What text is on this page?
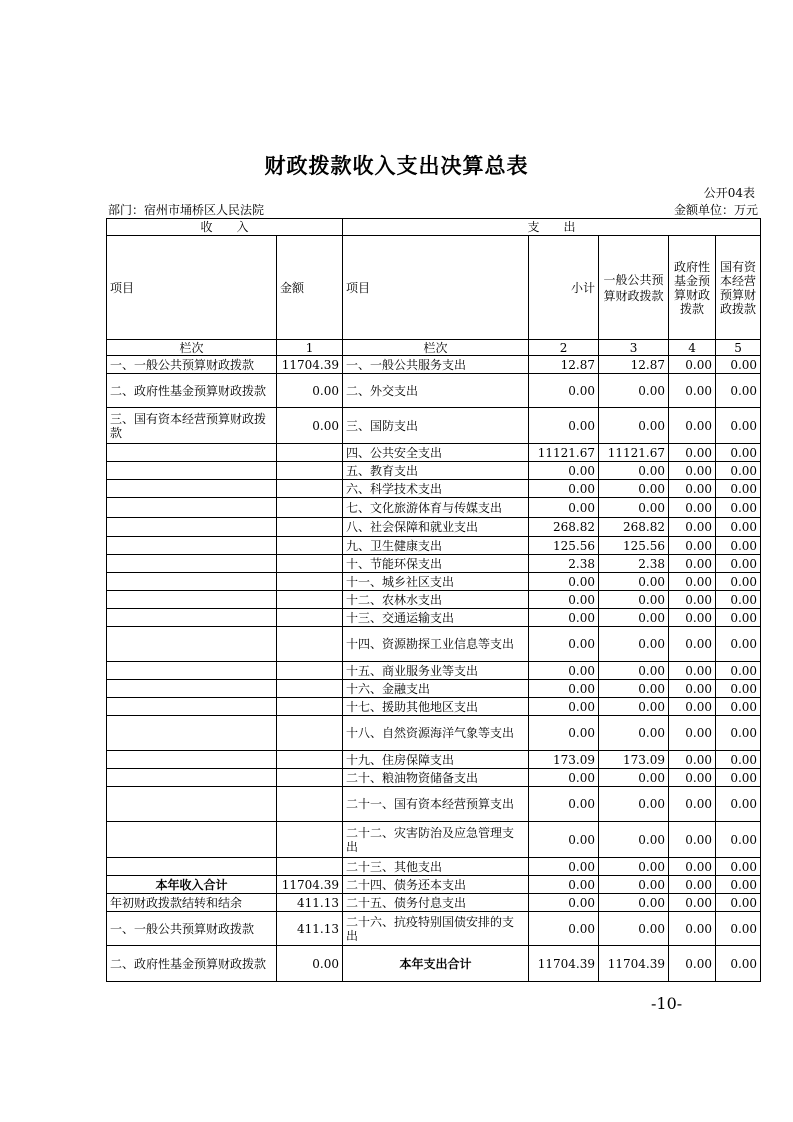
财政拨款收入支出决算总表
公开04表
部门：宿州市埇桥区人民法院	金额单位：万元
收　　入		支　　出				
项目	金额	项目	小计	一般公共预算财政拨款	政府性基金预算财政拨款	国有资本经营预算财政拨款
栏次	1	栏次	2	3	4	5
一、一般公共预算财政拨款	11704.39	一、一般公共服务支出	12.87	12.87	0.00	0.00
二、政府性基金预算财政拨款	0.00	二、外交支出	0.00	0.00	0.00	0.00
三、国有资本经营预算财政拨款	0.00	三、国防支出	0.00	0.00	0.00	0.00
		四、公共安全支出	11121.67	11121.67	0.00	0.00
		五、教育支出	0.00	0.00	0.00	0.00
		六、科学技术支出	0.00	0.00	0.00	0.00
		七、文化旅游体育与传媒支出	0.00	0.00	0.00	0.00
		八、社会保障和就业支出	268.82	268.82	0.00	0.00
		九、卫生健康支出	125.56	125.56	0.00	0.00
		十、节能环保支出	2.38	2.38	0.00	0.00
		十一、城乡社区支出	0.00	0.00	0.00	0.00
		十二、农林水支出	0.00	0.00	0.00	0.00
		十三、交通运输支出	0.00	0.00	0.00	0.00
		十四、资源勘探工业信息等支出	0.00	0.00	0.00	0.00
		十五、商业服务业等支出	0.00	0.00	0.00	0.00
		十六、金融支出	0.00	0.00	0.00	0.00
		十七、援助其他地区支出	0.00	0.00	0.00	0.00
		十八、自然资源海洋气象等支出	0.00	0.00	0.00	0.00
		十九、住房保障支出	173.09	173.09	0.00	0.00
		二十、粮油物资储备支出	0.00	0.00	0.00	0.00
		二十一、国有资本经营预算支出	0.00	0.00	0.00	0.00
		二十二、灾害防治及应急管理支出	0.00	0.00	0.00	0.00
		二十三、其他支出	0.00	0.00	0.00	0.00
本年收入合计	11704.39	二十四、债务还本支出	0.00	0.00	0.00	0.00
年初财政拨款结转和结余	411.13	二十五、债务付息支出	0.00	0.00	0.00	0.00
一、一般公共预算财政拨款	411.13	二十六、抗疫特别国债安排的支出	0.00	0.00	0.00	0.00
二、政府性基金预算财政拨款	0.00	本年支出合计	11704.39	11704.39	0.00	0.00
-10-
